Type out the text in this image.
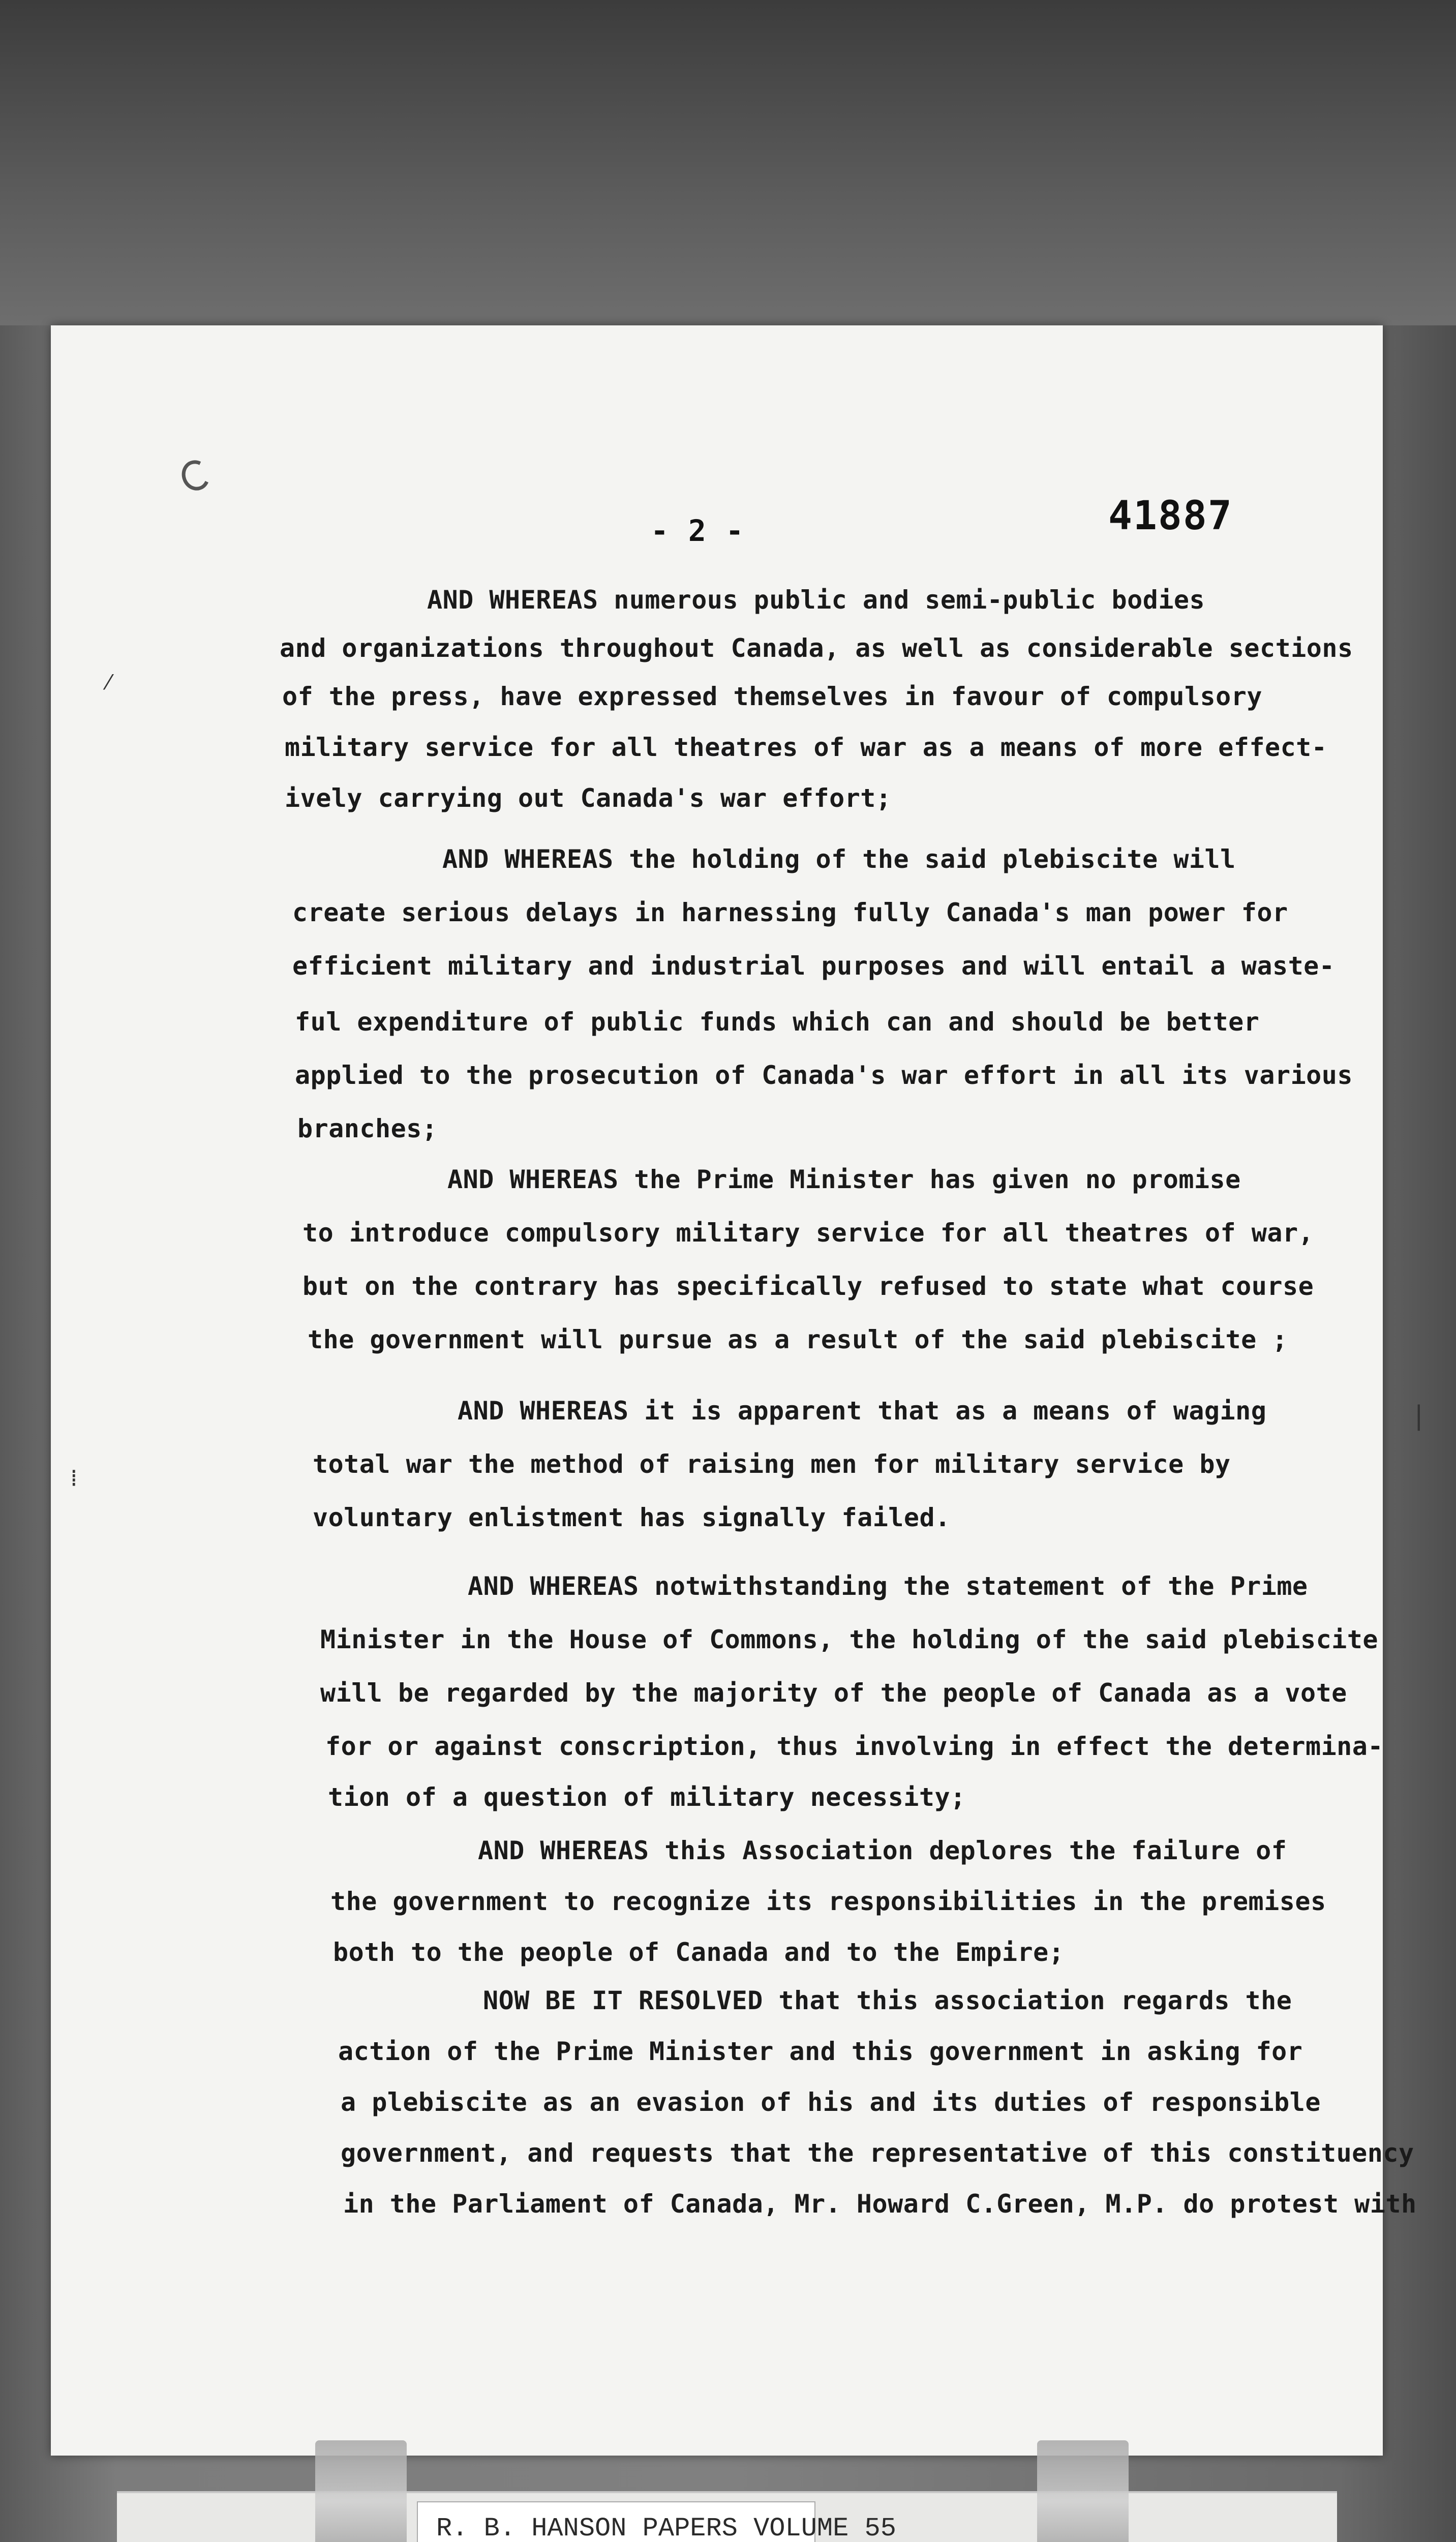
- 2 -	41887
AND WHEREAS numerous public and semi-public bodies
and organizations throughout Canada, as well as considerable sections
of the press, have expressed themselves in favour of compulsory
military service for all theatres of war as a means of more effect-
ively carrying out Canada's war effort;
AND WHEREAS the holding of the said plebiscite will
create serious delays in harnessing fully Canada's man power for
efficient military and industrial purposes and will entail a waste-
ful expenditure of public funds which can and should be better
applied to the prosecution of Canada's war effort in all its various
branches;
AND WHEREAS the Prime Minister has given no promise
to introduce compulsory military service for all theatres of war,
but on the contrary has specifically refused to state what course
the government will pursue as a result of the said plebiscite ;
AND WHEREAS it is apparent that as a means of waging
total war the method of raising men for military service by
voluntary enlistment has signally failed.
AND WHEREAS notwithstanding the statement of the Prime
Minister in the House of Commons, the holding of the said plebiscite
will be regarded by the majority of the people of Canada as a vote
for or against conscription, thus involving in effect the determina-
tion of a question of military necessity;
AND WHEREAS this Association deplores the failure of
the government to recognize its responsibilities in the premises
both to the people of Canada and to the Empire;
NOW BE IT RESOLVED that this association regards the
action of the Prime Minister and this government in asking for
a plebiscite as an evasion of his and its duties of responsible
government, and requests that the representative of this constituency
in the Parliament of Canada, Mr. Howard C.Green, M.P. do protest with
⁄
⁞
|
R. B. HANSON PAPERS VOLUME 55
